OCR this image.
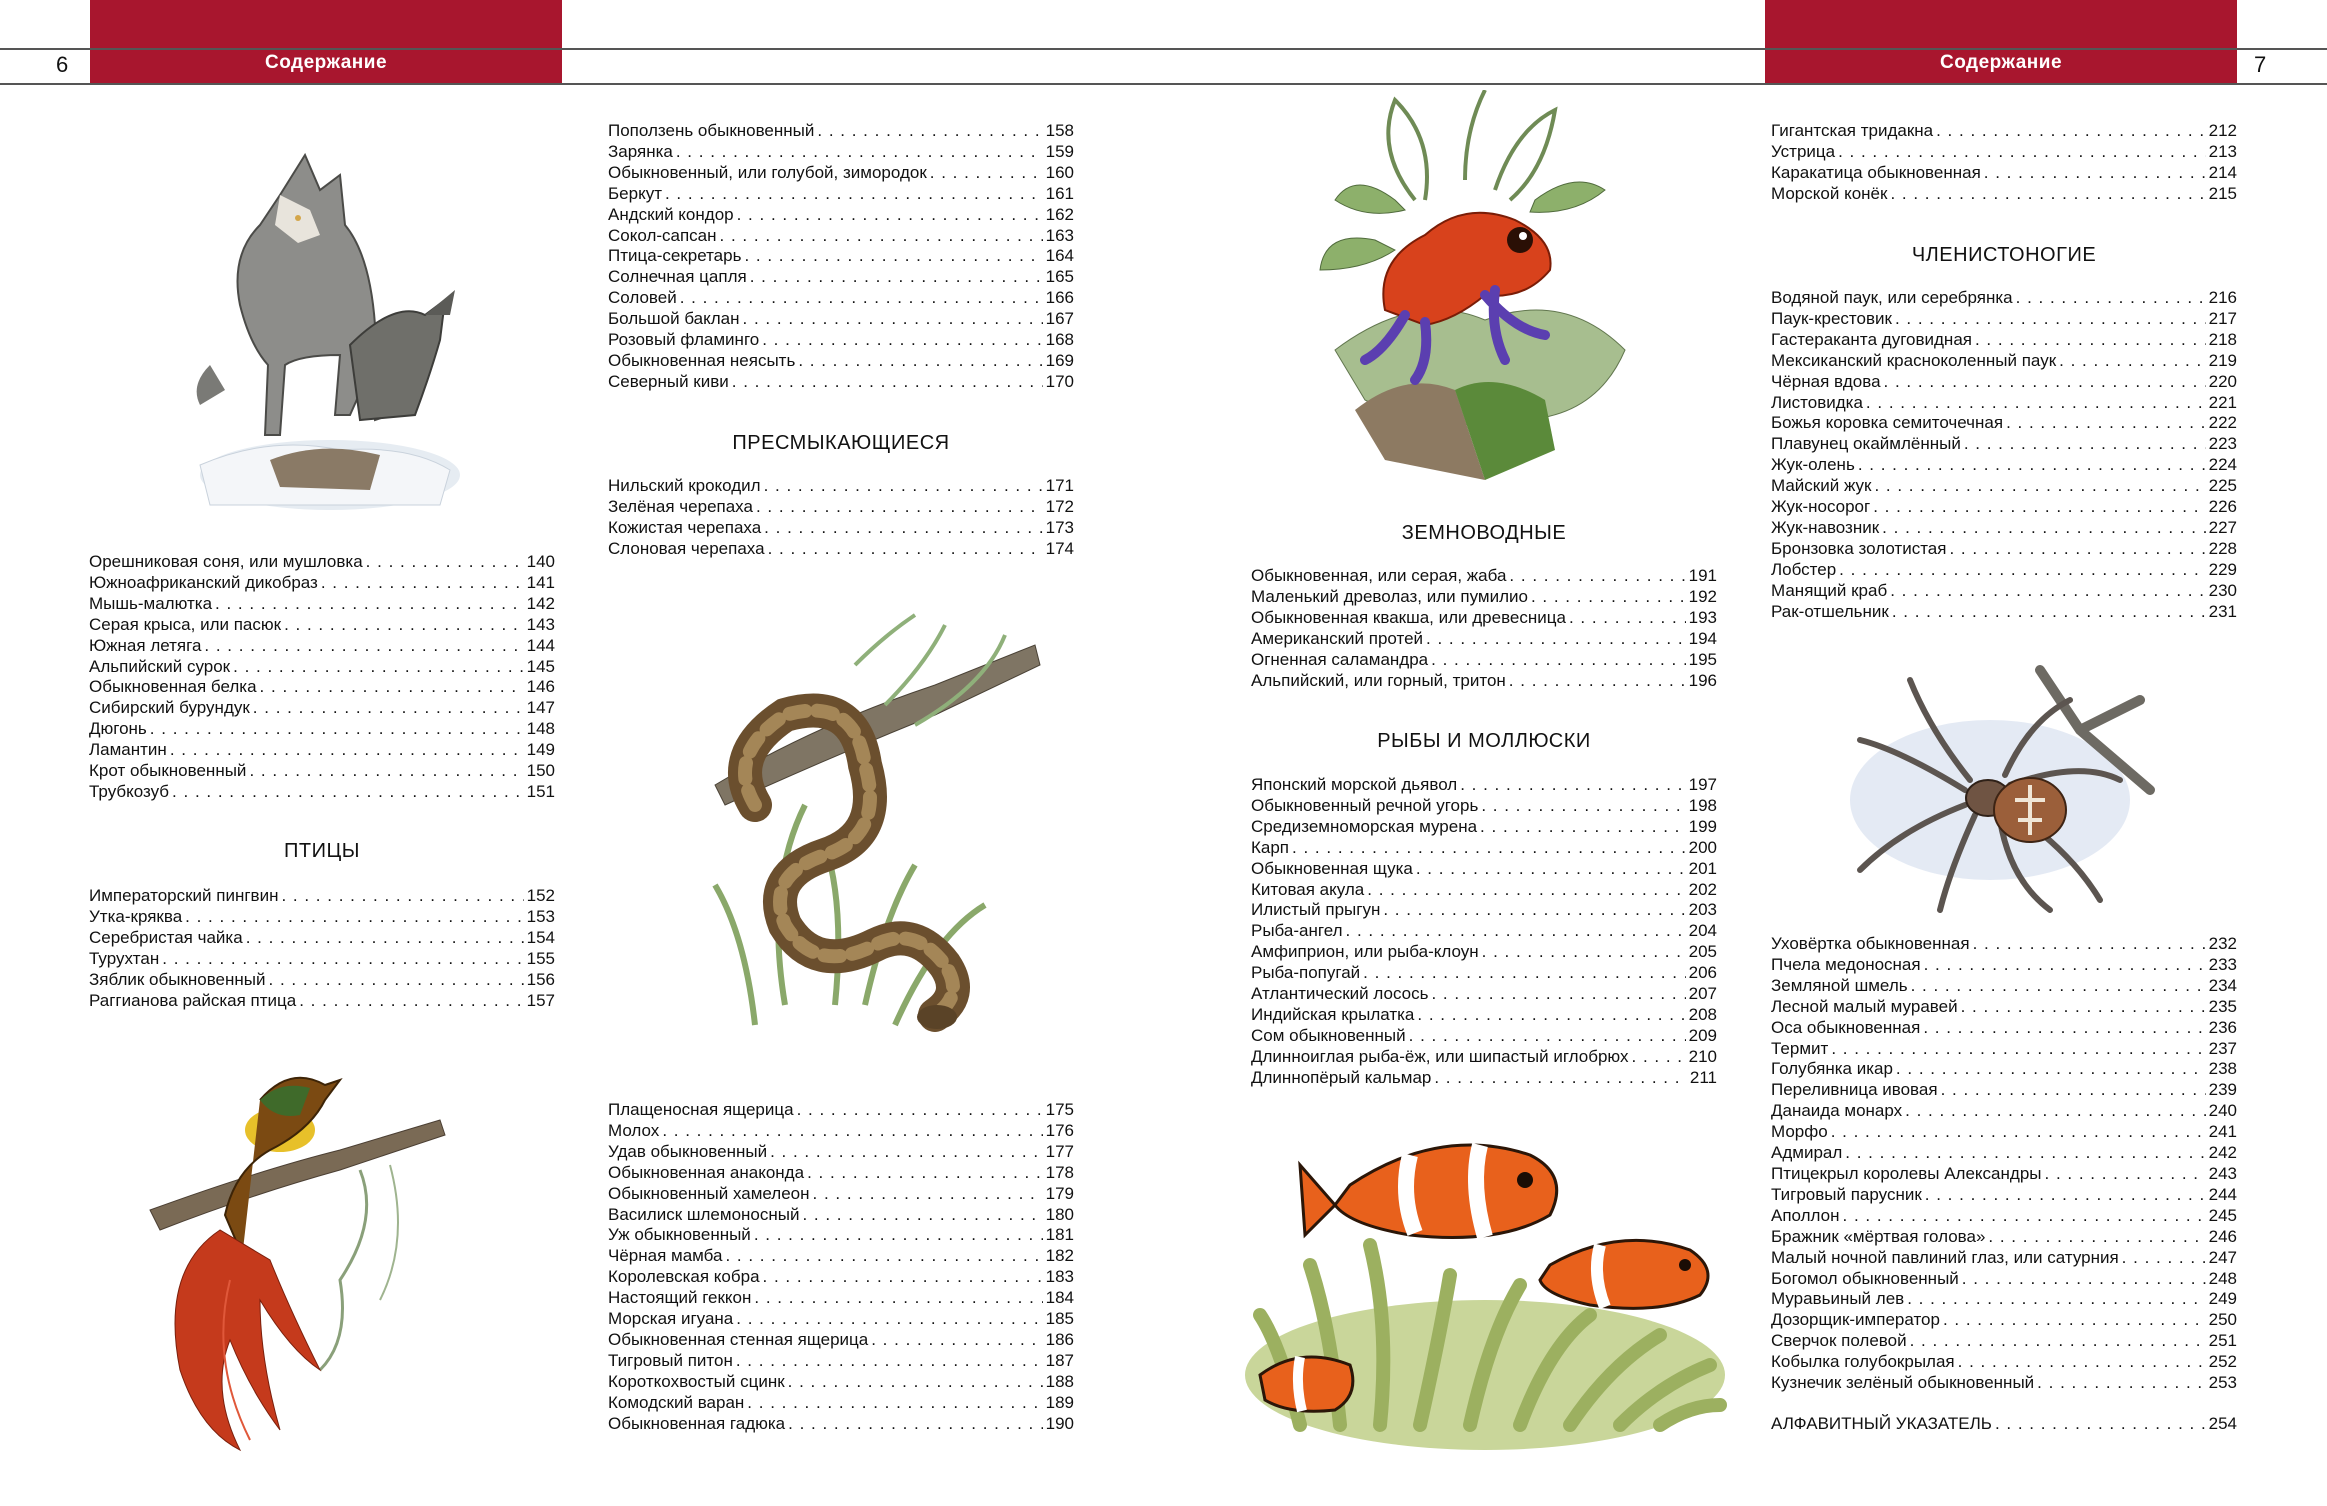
Содержание	Содержание
6	7
Орешниковая соня, или мушловка . . .	140
Южноафриканский дикобраз . . .	141
Мышь-малютка . . .	142
Серая крыса, или пасюк . . .	143
Южная летяга . . .	144
Альпийский сурок . . .	145
Обыкновенная белка . . .	146
Сибирский бурундук . . .	147
Дюгонь . . .	148
Ламантин . . .	149
Крот обыкновенный . . .	150
Трубкозуб . . .	151
ПТИЦЫ
Императорский пингвин . . .	152
Утка-кряква . . .	153
Серебристая чайка . . .	154
Турухтан . . .	155
Зяблик обыкновенный . . .	156
Раггианова райская птица . . .	157
Поползень обыкновенный . . .	158
Зарянка . . .	159
Обыкновенный, или голубой, зимородок . . .	160
Беркут . . .	161
Андский кондор . . .	162
Сокол-сапсан . . .	163
Птица-секретарь . . .	164
Солнечная цапля . . .	165
Соловей . . .	166
Большой баклан . . .	167
Розовый фламинго . . .	168
Обыкновенная неясыть . . .	169
Северный киви . . .	170
ПРЕСМЫКАЮЩИЕСЯ
Нильский крокодил . . .	171
Зелёная черепаха . . .	172
Кожистая черепаха . . .	173
Слоновая черепаха . . .	174
Плащеносная ящерица . . .	175
Молох . . .	176
Удав обыкновенный . . .	177
Обыкновенная анаконда . . .	178
Обыкновенный хамелеон . . .	179
Василиск шлемоносный . . .	180
Уж обыкновенный . . .	181
Чёрная мамба . . .	182
Королевская кобра . . .	183
Настоящий геккон . . .	184
Морская игуана . . .	185
Обыкновенная стенная ящерица . . .	186
Тигровый питон . . .	187
Короткохвостый сцинк . . .	188
Комодский варан . . .	189
Обыкновенная гадюка . . .	190
ЗЕМНОВОДНЫЕ
Обыкновенная, или серая, жаба . . .	191
Маленький древолаз, или пумилио . . .	192
Обыкновенная квакша, или древесница . . .	193
Американский протей . . .	194
Огненная саламандра . . .	195
Альпийский, или горный, тритон . . .	196
РЫБЫ И МОЛЛЮСКИ
Японский морской дьявол . . .	197
Обыкновенный речной угорь . . .	198
Средиземноморская мурена . . .	199
Карп . . .	200
Обыкновенная щука . . .	201
Китовая акула . . .	202
Илистый прыгун . . .	203
Рыба-ангел . . .	204
Амфиприон, или рыба-клоун . . .	205
Рыба-попугай . . .	206
Атлантический лосось . . .	207
Индийская крылатка . . .	208
Сом обыкновенный . . .	209
Длинноиглая рыба-ёж, или шипастый иглобрюх . . .	210
Длиннопёрый кальмар . . .	211
Гигантская тридакна . . .	212
Устрица . . .	213
Каракатица обыкновенная . . .	214
Морской конёк . . .	215
ЧЛЕНИСТОНОГИЕ
Водяной паук, или серебрянка . . .	216
Паук-крестовик . . .	217
Гастеракантa дуговидная . . .	218
Мексиканский красноколенный паук . . .	219
Чёрная вдова . . .	220
Листовидка . . .	221
Божья коровка семиточечная . . .	222
Плавунец окаймлённый . . .	223
Жук-олень . . .	224
Майский жук . . .	225
Жук-носорог . . .	226
Жук-навозник . . .	227
Бронзовка золотистая . . .	228
Лобстер . . .	229
Манящий краб . . .	230
Рак-отшельник . . .	231
Уховёртка обыкновенная . . .	232
Пчела медоносная . . .	233
Земляной шмель . . .	234
Лесной малый муравей . . .	235
Оса обыкновенная . . .	236
Термит . . .	237
Голубянка икар . . .	238
Переливница ивовая . . .	239
Данаида монарх . . .	240
Морфо . . .	241
Адмирал . . .	242
Птицекрыл королевы Александры . . .	243
Тигровый парусник . . .	244
Аполлон . . .	245
Бражник «мёртвая голова» . . .	246
Малый ночной павлиний глаз, или сатурния . . .	247
Богомол обыкновенный . . .	248
Муравьиный лев . . .	249
Дозорщик-император . . .	250
Сверчок полевой . . .	251
Кобылка голубокрылая . . .	252
Кузнечик зелёный обыкновенный . . .	253
АЛФАВИТНЫЙ УКАЗАТЕЛЬ . . .	254
